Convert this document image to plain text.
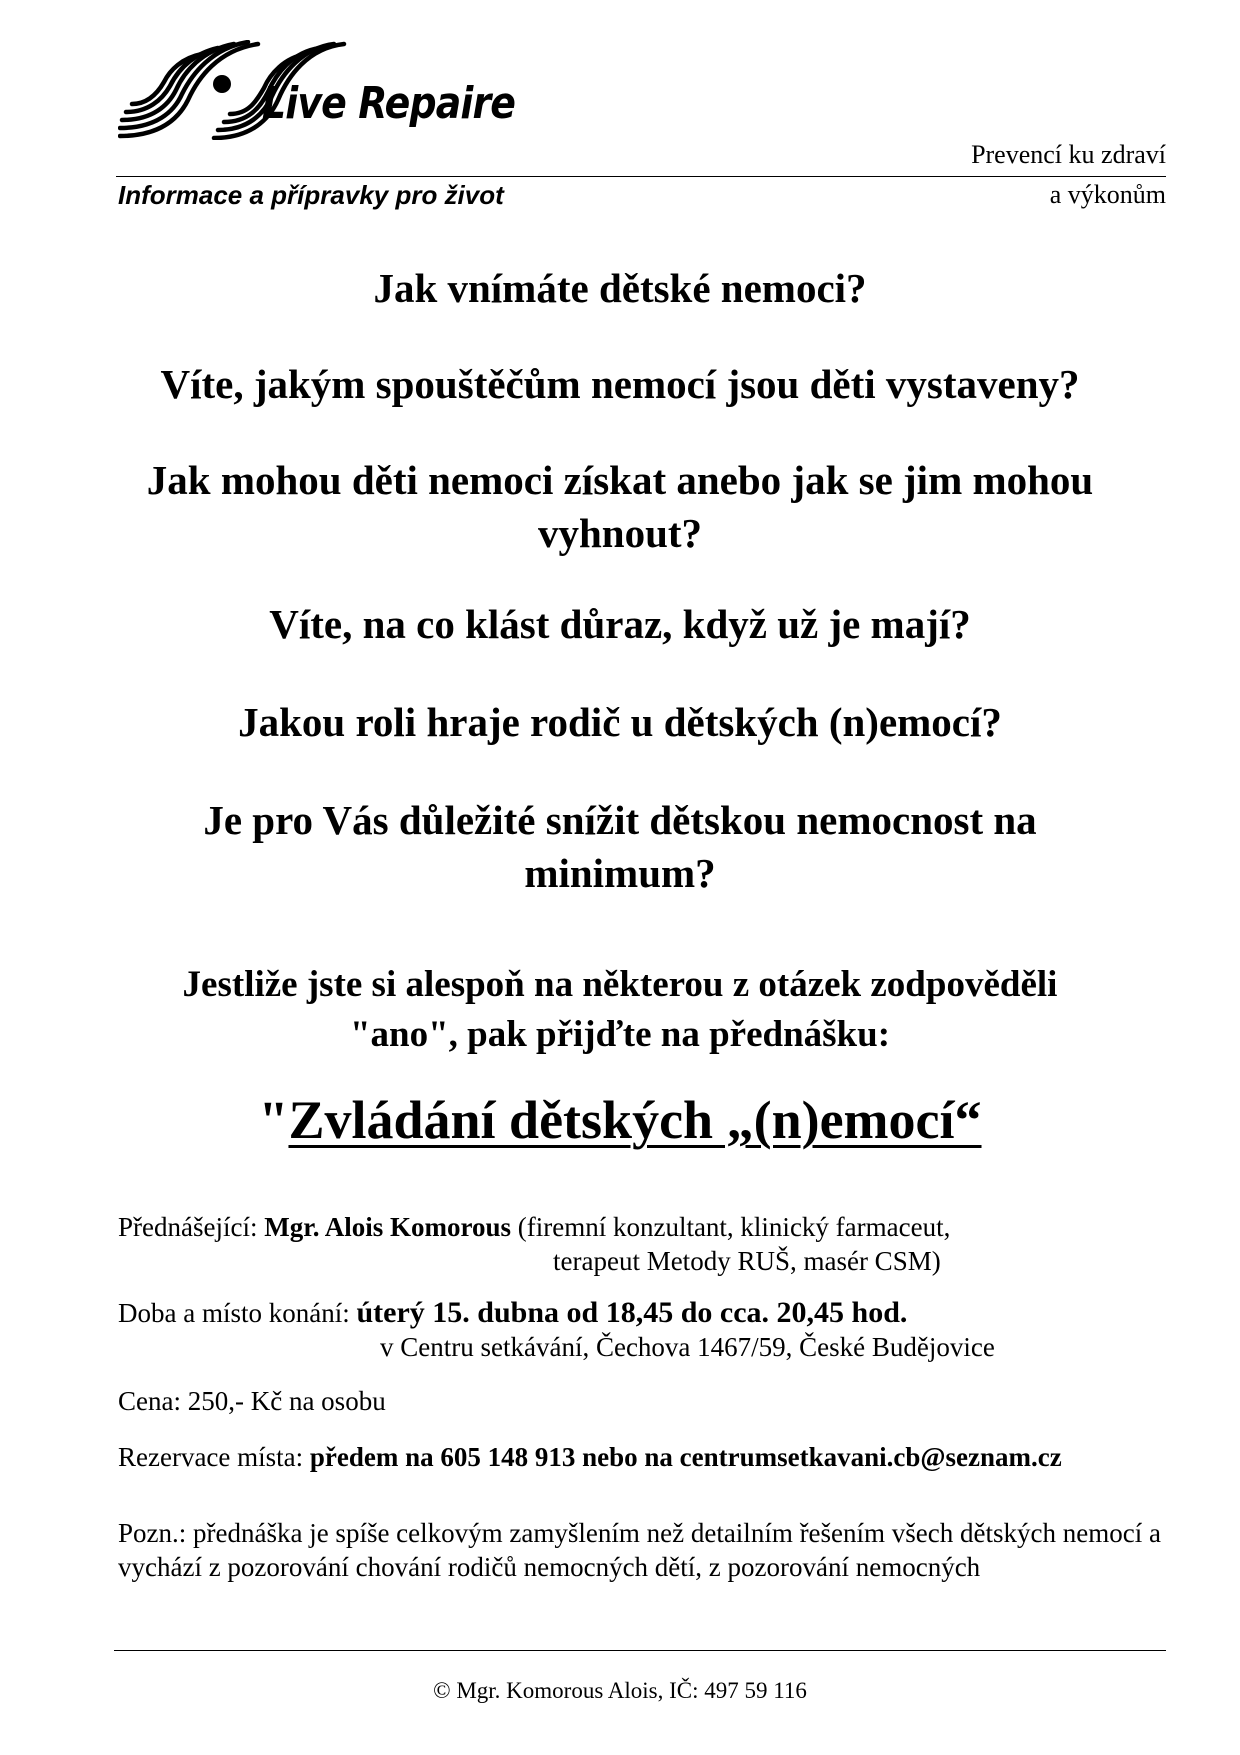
Live Repaire
Prevencí ku zdraví
Informace a přípravky pro život	a výkonům
Jak vnímáte dětské nemoci?
Víte, jakým spouštěčům nemocí jsou děti vystaveny?
Jak mohou děti nemoci získat anebo jak se jim mohou vyhnout?
Víte, na co klást důraz, když už je mají?
Jakou roli hraje rodič u dětských (n)emocí?
Je pro Vás důležité snížit dětskou nemocnost na minimum?
Jestliže jste si alespoň na některou z otázek zodpověděli "ano", pak přijďte na přednášku:
"Zvládání dětských „(n)emocí“
Přednášející: Mgr. Alois Komorous (firemní konzultant, klinický farmaceut,
terapeut Metody RUŠ, masér CSM)
Doba a místo konání: úterý 15. dubna od 18,45 do cca. 20,45 hod.
v Centru setkávání, Čechova 1467/59, České Budějovice
Cena: 250,- Kč na osobu
Rezervace místa: předem na 605 148 913 nebo na centrumsetkavani.cb@seznam.cz
Pozn.: přednáška je spíše celkovým zamyšlením než detailním řešením všech dětských nemocí a vychází z pozorování chování rodičů nemocných dětí, z pozorování nemocných
© Mgr. Komorous Alois, IČ: 497 59 116
